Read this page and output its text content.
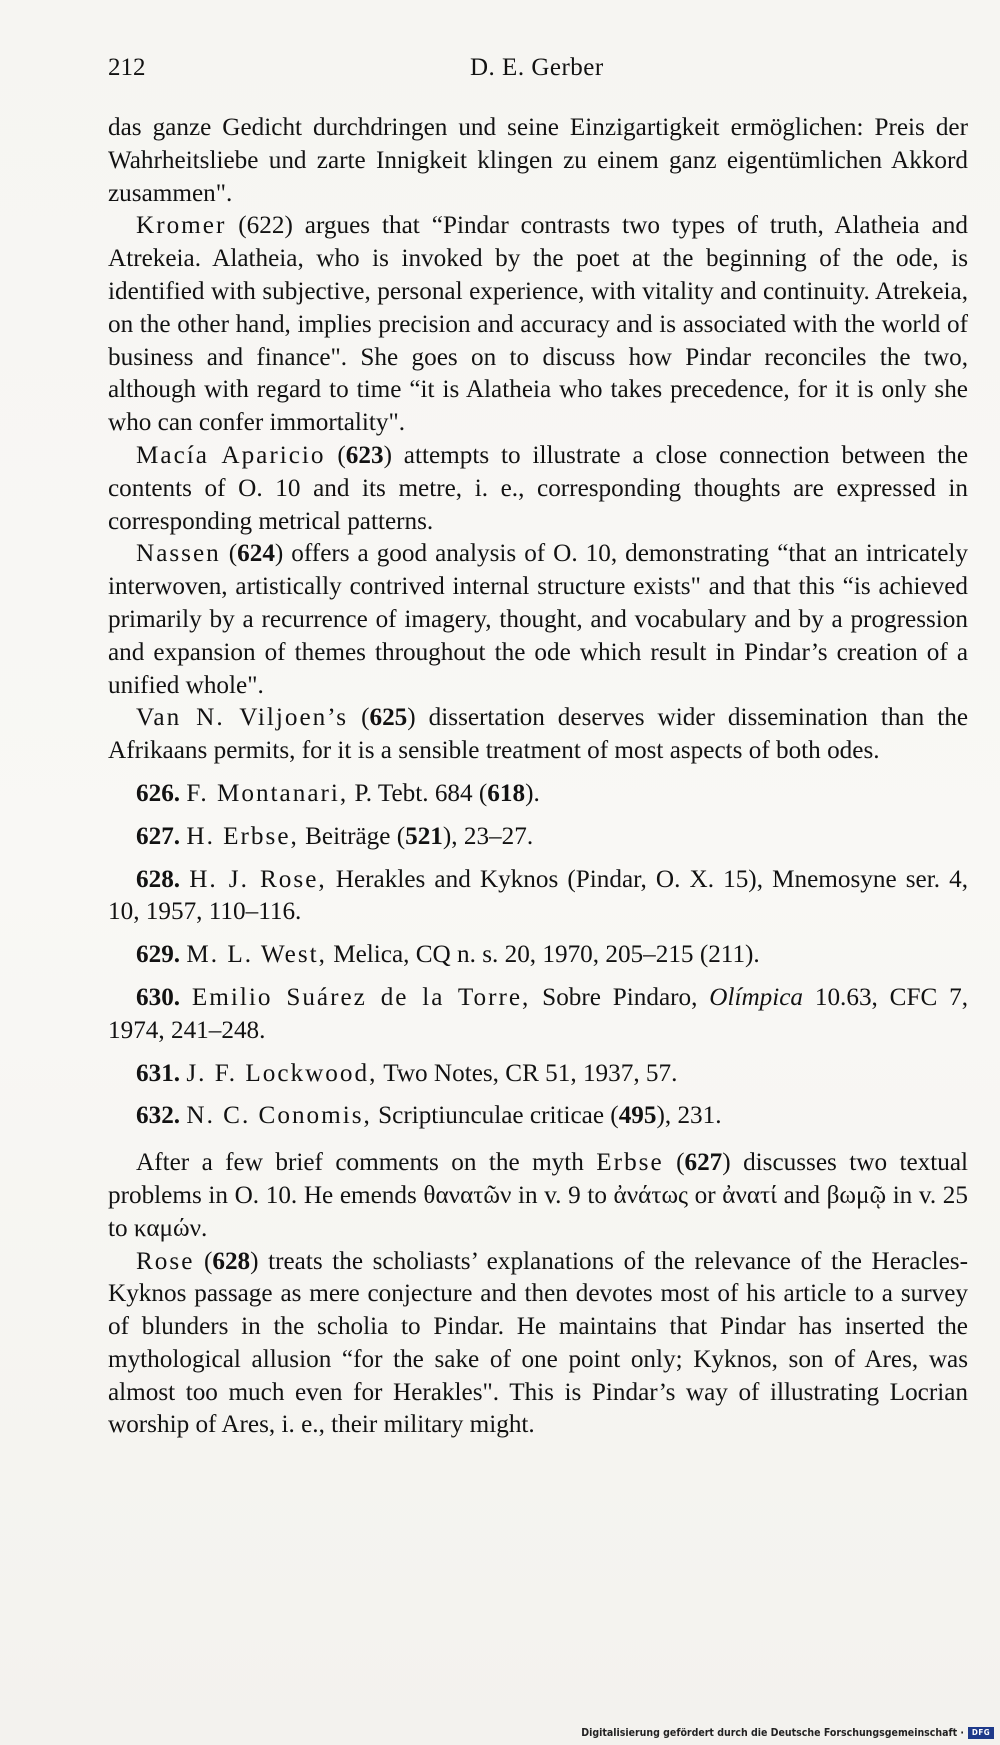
212	D. E. Gerber

das ganze Gedicht durchdringen und seine Einzigartigkeit ermöglichen: Preis der Wahrheitsliebe und zarte Innigkeit klingen zu einem ganz eigentümlichen Akkord zusammen".

Kromer (622) argues that “Pindar contrasts two types of truth, Alatheia and Atrekeia. Alatheia, who is invoked by the poet at the beginning of the ode, is identified with subjective, personal experience, with vitality and continuity. Atrekeia, on the other hand, implies precision and accuracy and is associated with the world of business and finance". She goes on to discuss how Pindar reconciles the two, although with regard to time “it is Alatheia who takes precedence, for it is only she who can confer immortality".

Macía Aparicio (623) attempts to illustrate a close connection between the contents of O. 10 and its metre, i. e., corresponding thoughts are expressed in corresponding metrical patterns.

Nassen (624) offers a good analysis of O. 10, demonstrating “that an intricately interwoven, artistically contrived internal structure exists" and that this “is achieved primarily by a recurrence of imagery, thought, and vocabulary and by a progression and expansion of themes throughout the ode which result in Pindar’s creation of a unified whole".

Van N. Viljoen’s (625) dissertation deserves wider dissemination than the Afrikaans permits, for it is a sensible treatment of most aspects of both odes.

626. F. Montanari, P. Tebt. 684 (618).

627. H. Erbse, Beiträge (521), 23–27.

628. H. J. Rose, Herakles and Kyknos (Pindar, O. X. 15), Mnemosyne ser. 4, 10, 1957, 110–116.

629. M. L. West, Melica, CQ n. s. 20, 1970, 205–215 (211).

630. Emilio Suárez de la Torre, Sobre Pindaro, Olímpica 10.63, CFC 7, 1974, 241–248.

631. J. F. Lockwood, Two Notes, CR 51, 1937, 57.

632. N. C. Conomis, Scriptiunculae criticae (495), 231.

After a few brief comments on the myth Erbse (627) discusses two textual problems in O. 10. He emends θανατῶν in v. 9 to ἀνάτως or ἀνατί and βωμῷ in v. 25 to καμών.

Rose (628) treats the scholiasts’ explanations of the relevance of the Heracles-Kyknos passage as mere conjecture and then devotes most of his article to a survey of blunders in the scholia to Pindar. He maintains that Pindar has inserted the mythological allusion “for the sake of one point only; Kyknos, son of Ares, was almost too much even for Herakles". This is Pindar’s way of illustrating Locrian worship of Ares, i. e., their military might.

Digitalisierung gefördert durch die Deutsche Forschungsgemeinschaft · DFG
